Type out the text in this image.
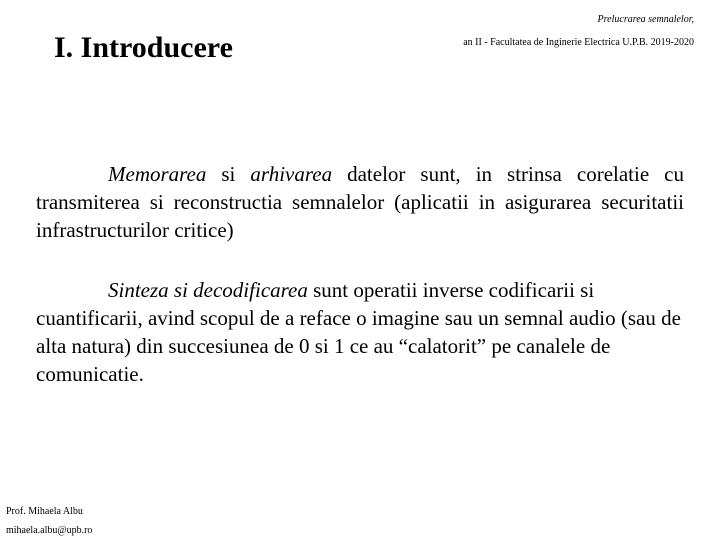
I. Introducere
Prelucrarea semnalelor,
an II - Facultatea de Inginerie Electrica U.P.B. 2019-2020
Memorarea si arhivarea datelor sunt, in strinsa corelatie cu transmiterea si reconstructia semnalelor (aplicatii in asigurarea securitatii infrastructurilor critice)
Sinteza si decodificarea sunt operatii inverse codificarii si cuantificarii, avind scopul de a reface o imagine sau un semnal audio (sau de alta natura) din succesiunea de 0 si 1 ce au “calatorit” pe canalele de comunicatie.
Prof. Mihaela Albu
mihaela.albu@upb.ro
